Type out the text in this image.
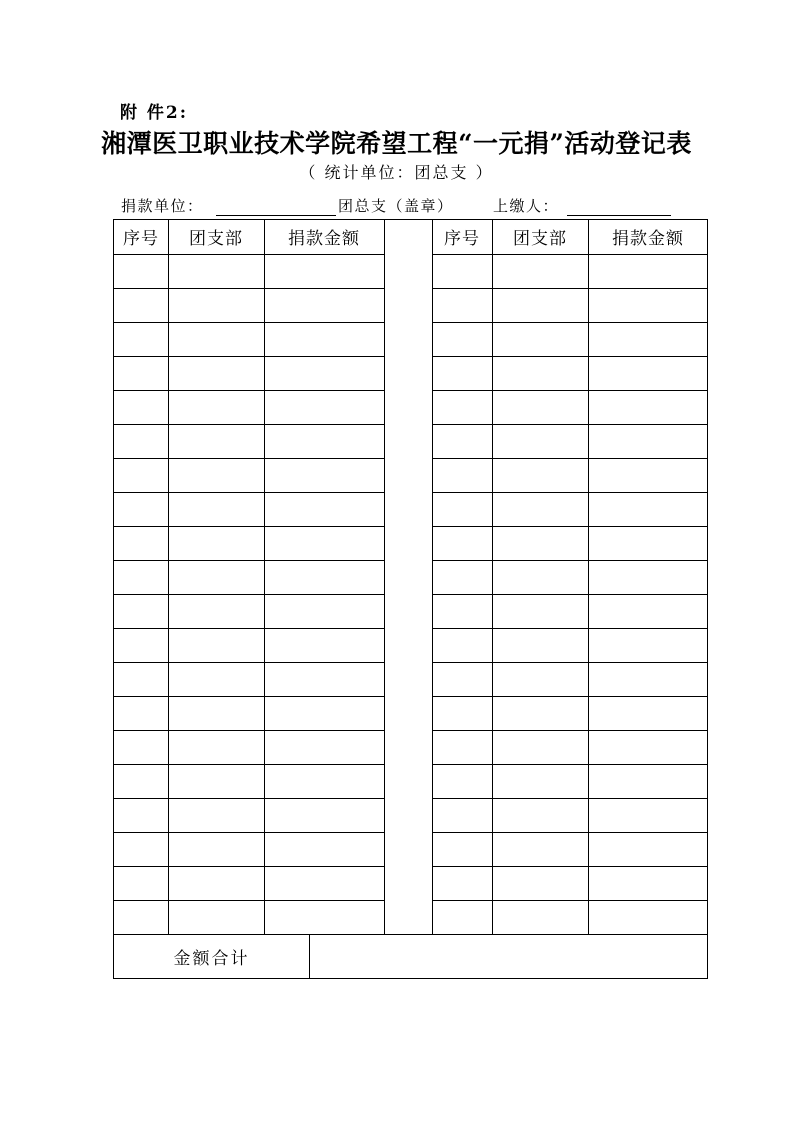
附 件2:
湘潭医卫职业技术学院希望工程“一元捐”活动登记表
（ 统计单位：团总支 ）
捐款单位：	团总支（盖章）	上缴人：
序号	团支部	捐款金额	序号	团支部	捐款金额
金额合计
